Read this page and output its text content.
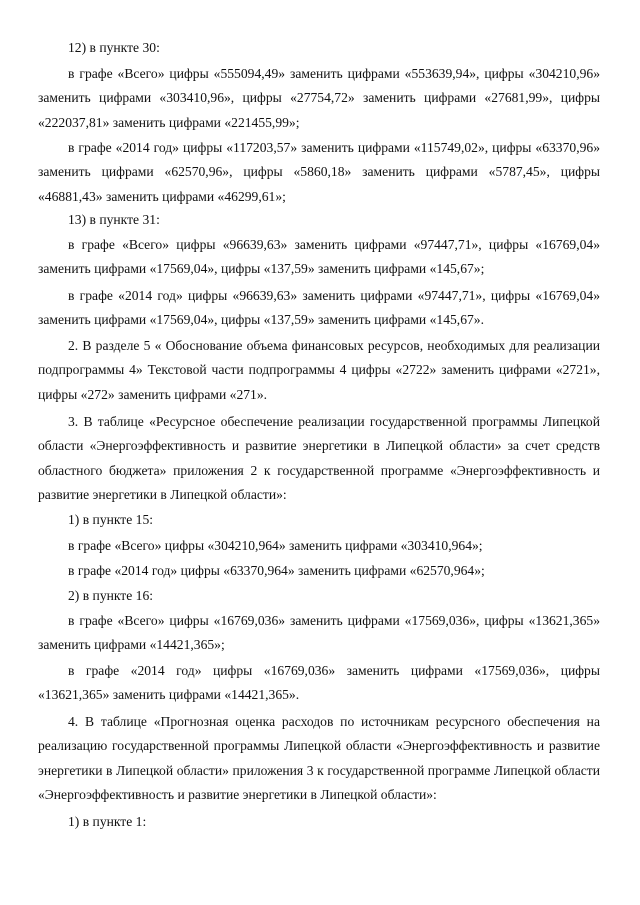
12) в пункте 30:

в графе «Всего» цифры «555094,49» заменить цифрами «553639,94», цифры «304210,96» заменить цифрами «303410,96», цифры «27754,72» заменить цифрами «27681,99», цифры «222037,81» заменить цифрами «221455,99»;

в графе «2014 год» цифры «117203,57» заменить цифрами «115749,02», цифры «63370,96» заменить цифрами «62570,96», цифры «5860,18» заменить цифрами «5787,45», цифры «46881,43» заменить цифрами «46299,61»;

13) в пункте 31:

в графе «Всего» цифры «96639,63» заменить цифрами «97447,71», цифры «16769,04» заменить цифрами «17569,04», цифры «137,59» заменить цифрами «145,67»;

в графе «2014 год» цифры «96639,63» заменить цифрами «97447,71», цифры «16769,04» заменить цифрами «17569,04», цифры «137,59» заменить цифрами «145,67».

2. В разделе 5 « Обоснование объема финансовых ресурсов, необходимых для реализации подпрограммы 4» Текстовой части подпрограммы 4 цифры «2722» заменить цифрами «2721», цифры «272» заменить цифрами «271».

3. В таблице «Ресурсное обеспечение реализации государственной программы Липецкой области «Энергоэффективность и развитие энергетики в Липецкой области» за счет средств областного бюджета» приложения 2 к государственной программе «Энергоэффективность и развитие энергетики в Липецкой области»:

1) в пункте 15:

в графе «Всего» цифры «304210,964» заменить цифрами «303410,964»;

в графе «2014 год» цифры «63370,964» заменить цифрами «62570,964»;

2) в пункте 16:

в графе «Всего» цифры «16769,036» заменить цифрами «17569,036», цифры «13621,365» заменить цифрами «14421,365»;

в графе «2014 год» цифры «16769,036» заменить цифрами «17569,036», цифры «13621,365» заменить цифрами «14421,365».

4. В таблице «Прогнозная оценка расходов по источникам ресурсного обеспечения на реализацию государственной программы Липецкой области «Энергоэффективность и развитие энергетики в Липецкой области» приложения 3 к государственной программе Липецкой области «Энергоэффективность и развитие энергетики в Липецкой области»:

1) в пункте 1:
